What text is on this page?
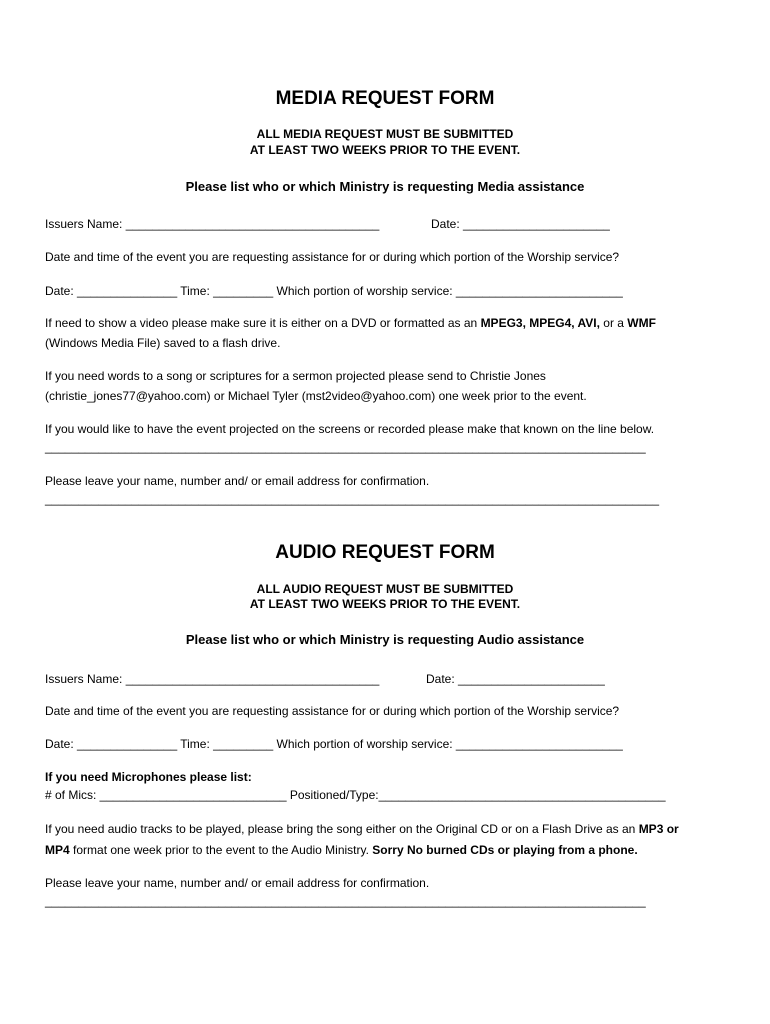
MEDIA REQUEST FORM
ALL MEDIA REQUEST MUST BE SUBMITTED
AT LEAST TWO WEEKS PRIOR TO THE EVENT.
Please list who or which Ministry is requesting Media assistance
Issuers Name: ______________________________________	Date: ______________________
Date and time of the event you are requesting assistance for or during which portion of the Worship service?
Date: _______________ Time: _________ Which portion of worship service: _________________________
If need to show a video please make sure it is either on a DVD or formatted as an MPEG3, MPEG4, AVI, or a WMF
(Windows Media File) saved to a flash drive.
If you need words to a song or scriptures for a sermon projected please send to Christie Jones
(christie_jones77@yahoo.com) or Michael Tyler (mst2video@yahoo.com) one week prior to the event.
If you would like to have the event projected on the screens or recorded please make that known on the line below.
__________________________________________________________________________________________
Please leave your name, number and/ or email address for confirmation.
____________________________________________________________________________________________
AUDIO REQUEST FORM
ALL AUDIO REQUEST MUST BE SUBMITTED
AT LEAST TWO WEEKS PRIOR TO THE EVENT.
Please list who or which Ministry is requesting Audio assistance
Issuers Name: ______________________________________	Date: ______________________
Date and time of the event you are requesting assistance for or during which portion of the Worship service?
Date: _______________ Time: _________ Which portion of worship service: _________________________
If you need Microphones please list:
# of Mics: ____________________________ Positioned/Type:___________________________________________
If you need audio tracks to be played, please bring the song either on the Original CD or on a Flash Drive as an MP3 or
MP4 format one week prior to the event to the Audio Ministry. Sorry No burned CDs or playing from a phone.
Please leave your name, number and/ or email address for confirmation.
__________________________________________________________________________________________
